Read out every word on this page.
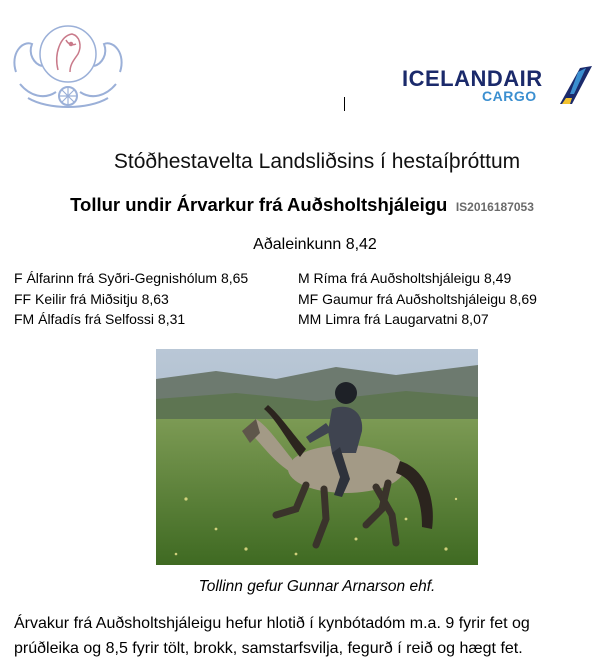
ICELANDAIR
CARGO
Stóðhestavelta Landsliðsins í hestaíþróttum
Tollur undir Árvarkur frá Auðsholtshjáleigu IS2016187053
Aðaleinkunn 8,42
F Álfarinn frá Syðri-Gegnishólum 8,65
FF Keilir frá Miðsitju 8,63
FM Álfadís frá Selfossi 8,31
M Ríma frá Auðsholtshjáleigu 8,49
MF Gaumur frá Auðsholtshjáleigu 8,69
MM Limra frá Laugarvatni 8,07
Tollinn gefur Gunnar Arnarson ehf.
Árvakur frá Auðsholtshjáleigu hefur hlotið í kynbótadóm m.a. 9 fyrir fet og prúðleika og 8,5 fyrir tölt, brokk, samstarfsvilja, fegurð í reið og hægt fet.
